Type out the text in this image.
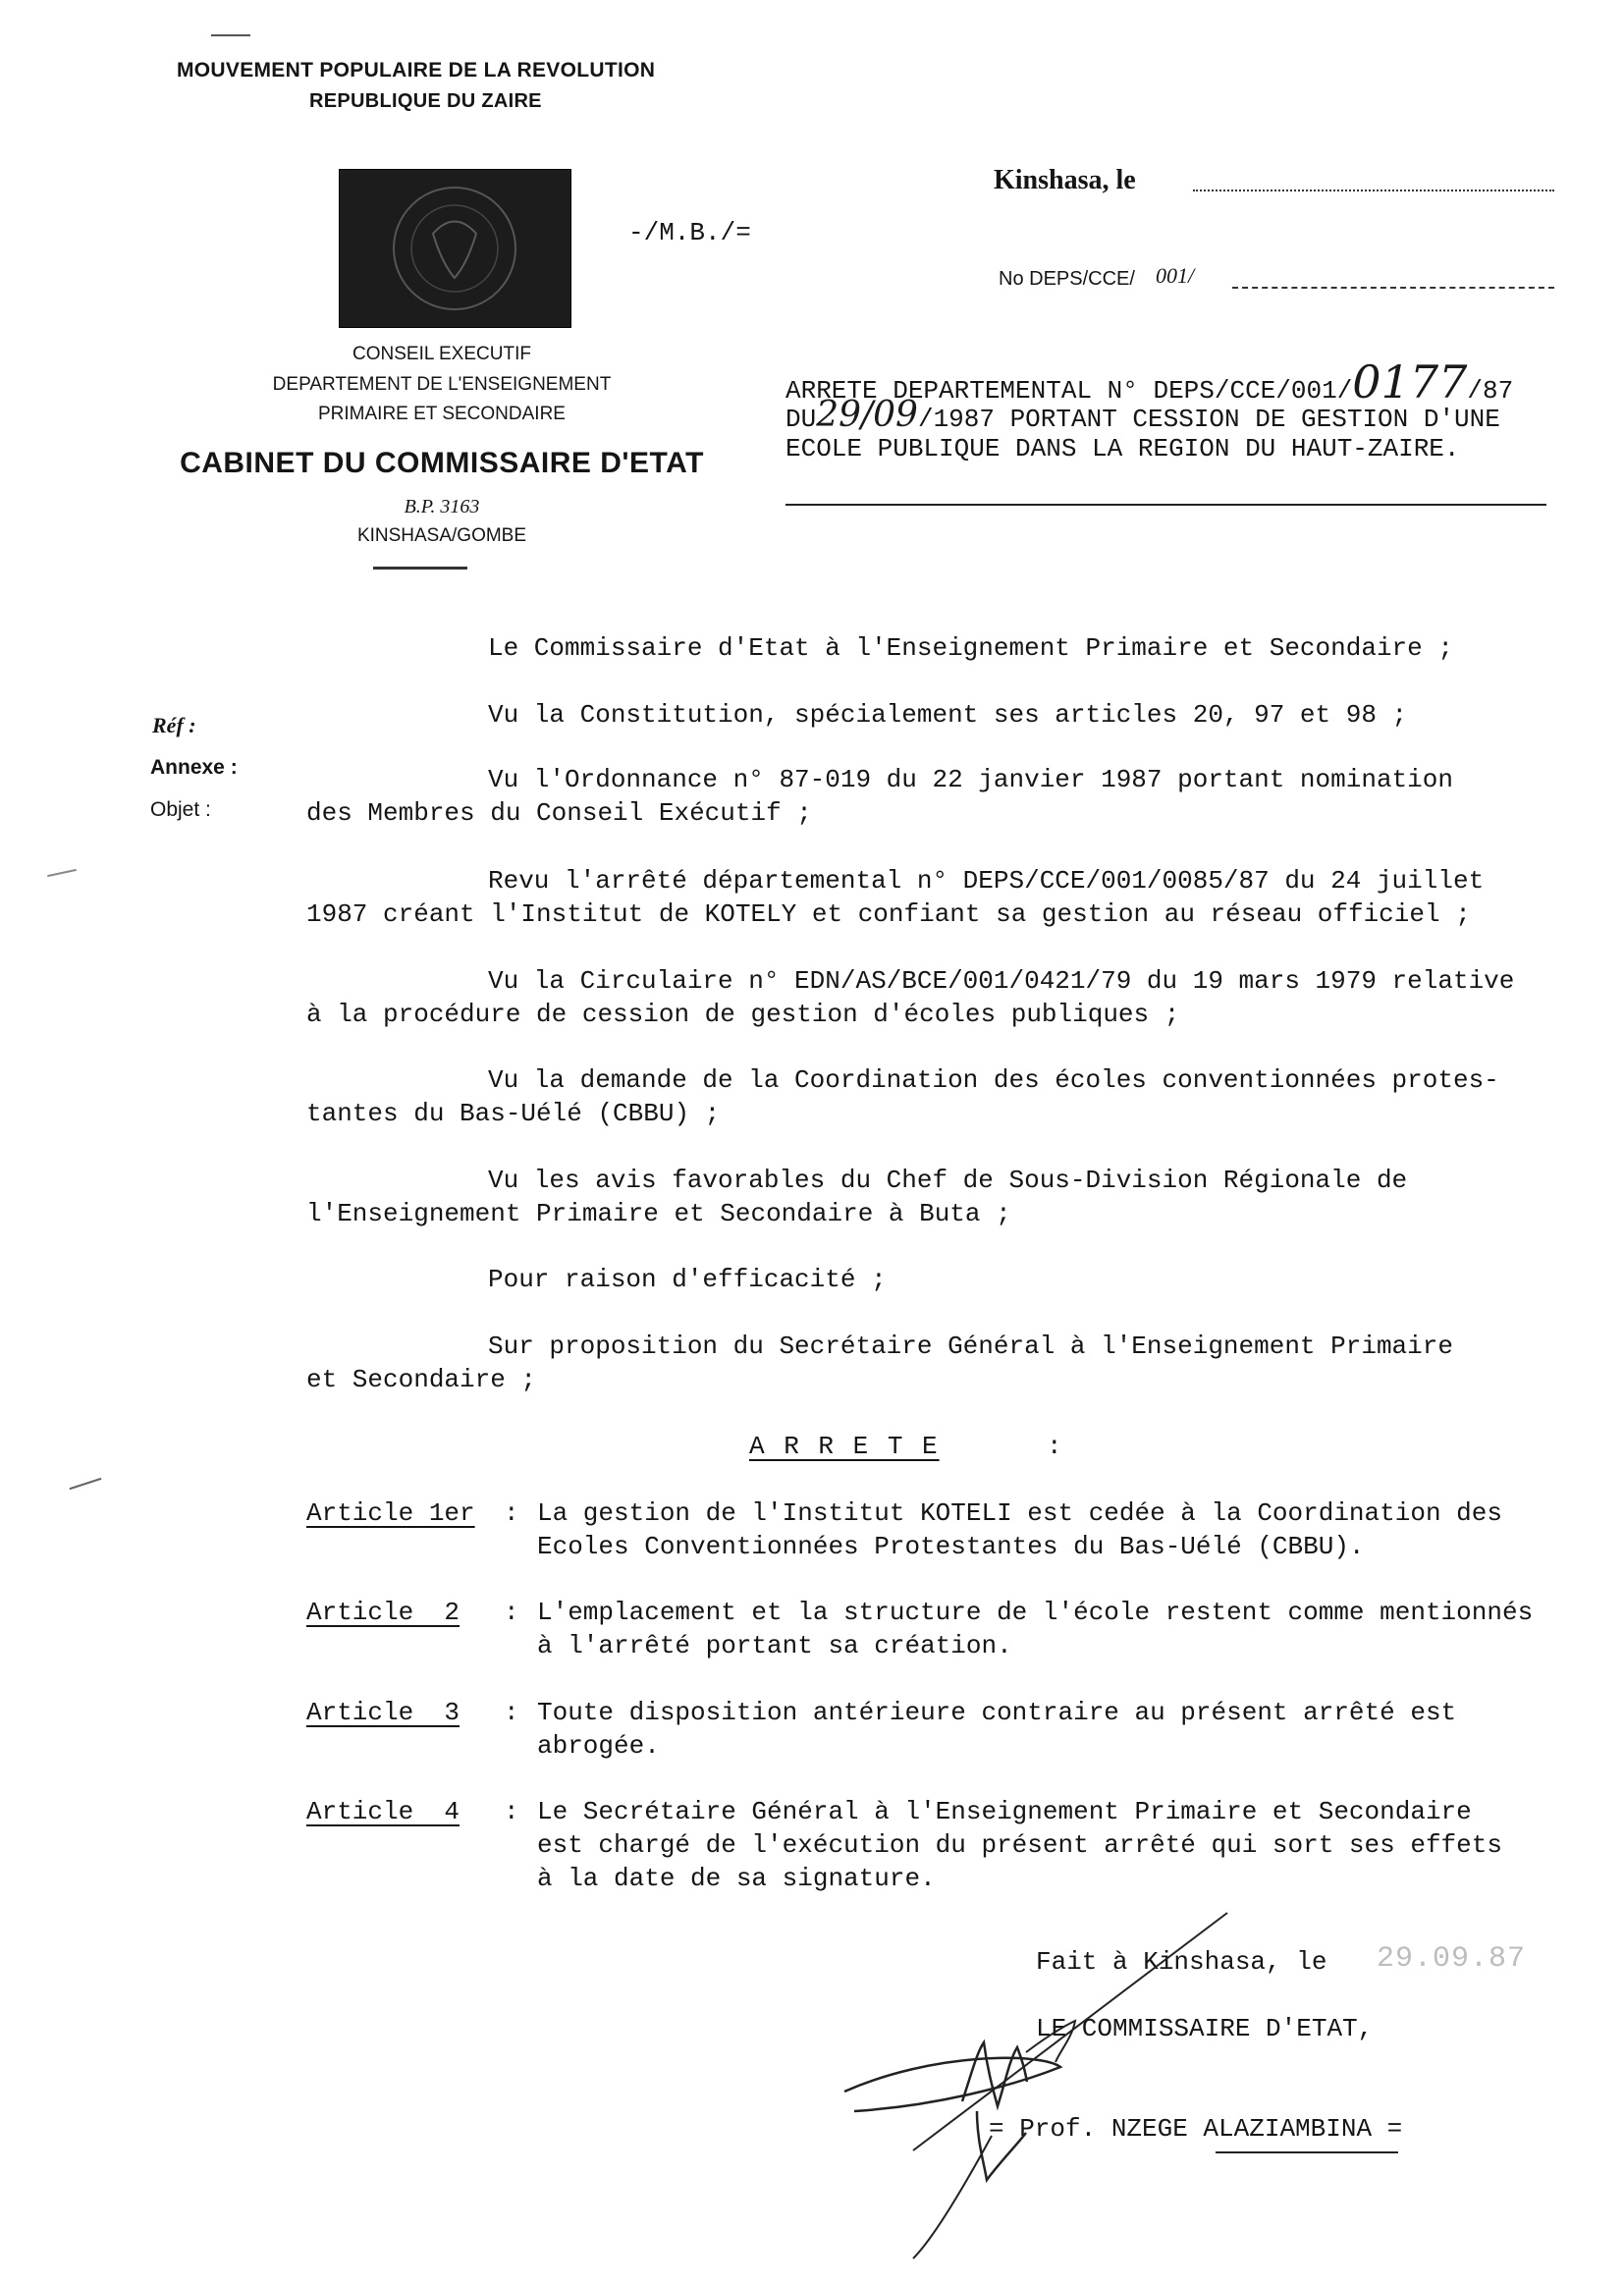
MOUVEMENT POPULAIRE DE LA REVOLUTION
REPUBLIQUE DU ZAIRE
-/M.B./=
CONSEIL EXECUTIF
DEPARTEMENT DE L'ENSEIGNEMENT
PRIMAIRE ET SECONDAIRE
CABINET DU COMMISSAIRE D'ETAT
B.P. 3163
KINSHASA/GOMBE
Kinshasa, le
No DEPS/CCE/ 001/
ARRETE DEPARTEMENTAL N° DEPS/CCE/001/0177/87
DU29/09/1987 PORTANT CESSION DE GESTION D'UNE
ECOLE PUBLIQUE DANS LA REGION DU HAUT-ZAIRE.
Réf :
Annexe :
Objet :
Le Commissaire d'Etat à l'Enseignement Primaire et Secondaire ;
Vu la Constitution, spécialement ses articles 20, 97 et 98 ;
Vu l'Ordonnance n° 87-019 du 22 janvier 1987 portant nomination
des Membres du Conseil Exécutif ;
Revu l'arrêté départemental n° DEPS/CCE/001/0085/87 du 24 juillet
1987 créant l'Institut de KOTELY et confiant sa gestion au réseau officiel ;
Vu la Circulaire n° EDN/AS/BCE/001/0421/79 du 19 mars 1979 relative
à la procédure de cession de gestion d'écoles publiques ;
Vu la demande de la Coordination des écoles conventionnées protes-
tantes du Bas-Uélé (CBBU) ;
Vu les avis favorables du Chef de Sous-Division Régionale de
l'Enseignement Primaire et Secondaire à Buta ;
Pour raison d'efficacité ;
Sur proposition du Secrétaire Général à l'Enseignement Primaire
et Secondaire ;
A R R E T E	:
Article 1er : La gestion de l'Institut KOTELI est cedée à la Coordination des
Ecoles Conventionnées Protestantes du Bas-Uélé (CBBU).
Article  2 : L'emplacement et la structure de l'école restent comme mentionnés
à l'arrêté portant sa création.
Article  3 : Toute disposition antérieure contraire au présent arrêté est
abrogée.
Article  4 : Le Secrétaire Général à l'Enseignement Primaire et Secondaire
est chargé de l'exécution du présent arrêté qui sort ses effets
à la date de sa signature.
Fait à Kinshasa, le 29.09.87
LE COMMISSAIRE D'ETAT,
= Prof. NZEGE ALAZIAMBINA =
